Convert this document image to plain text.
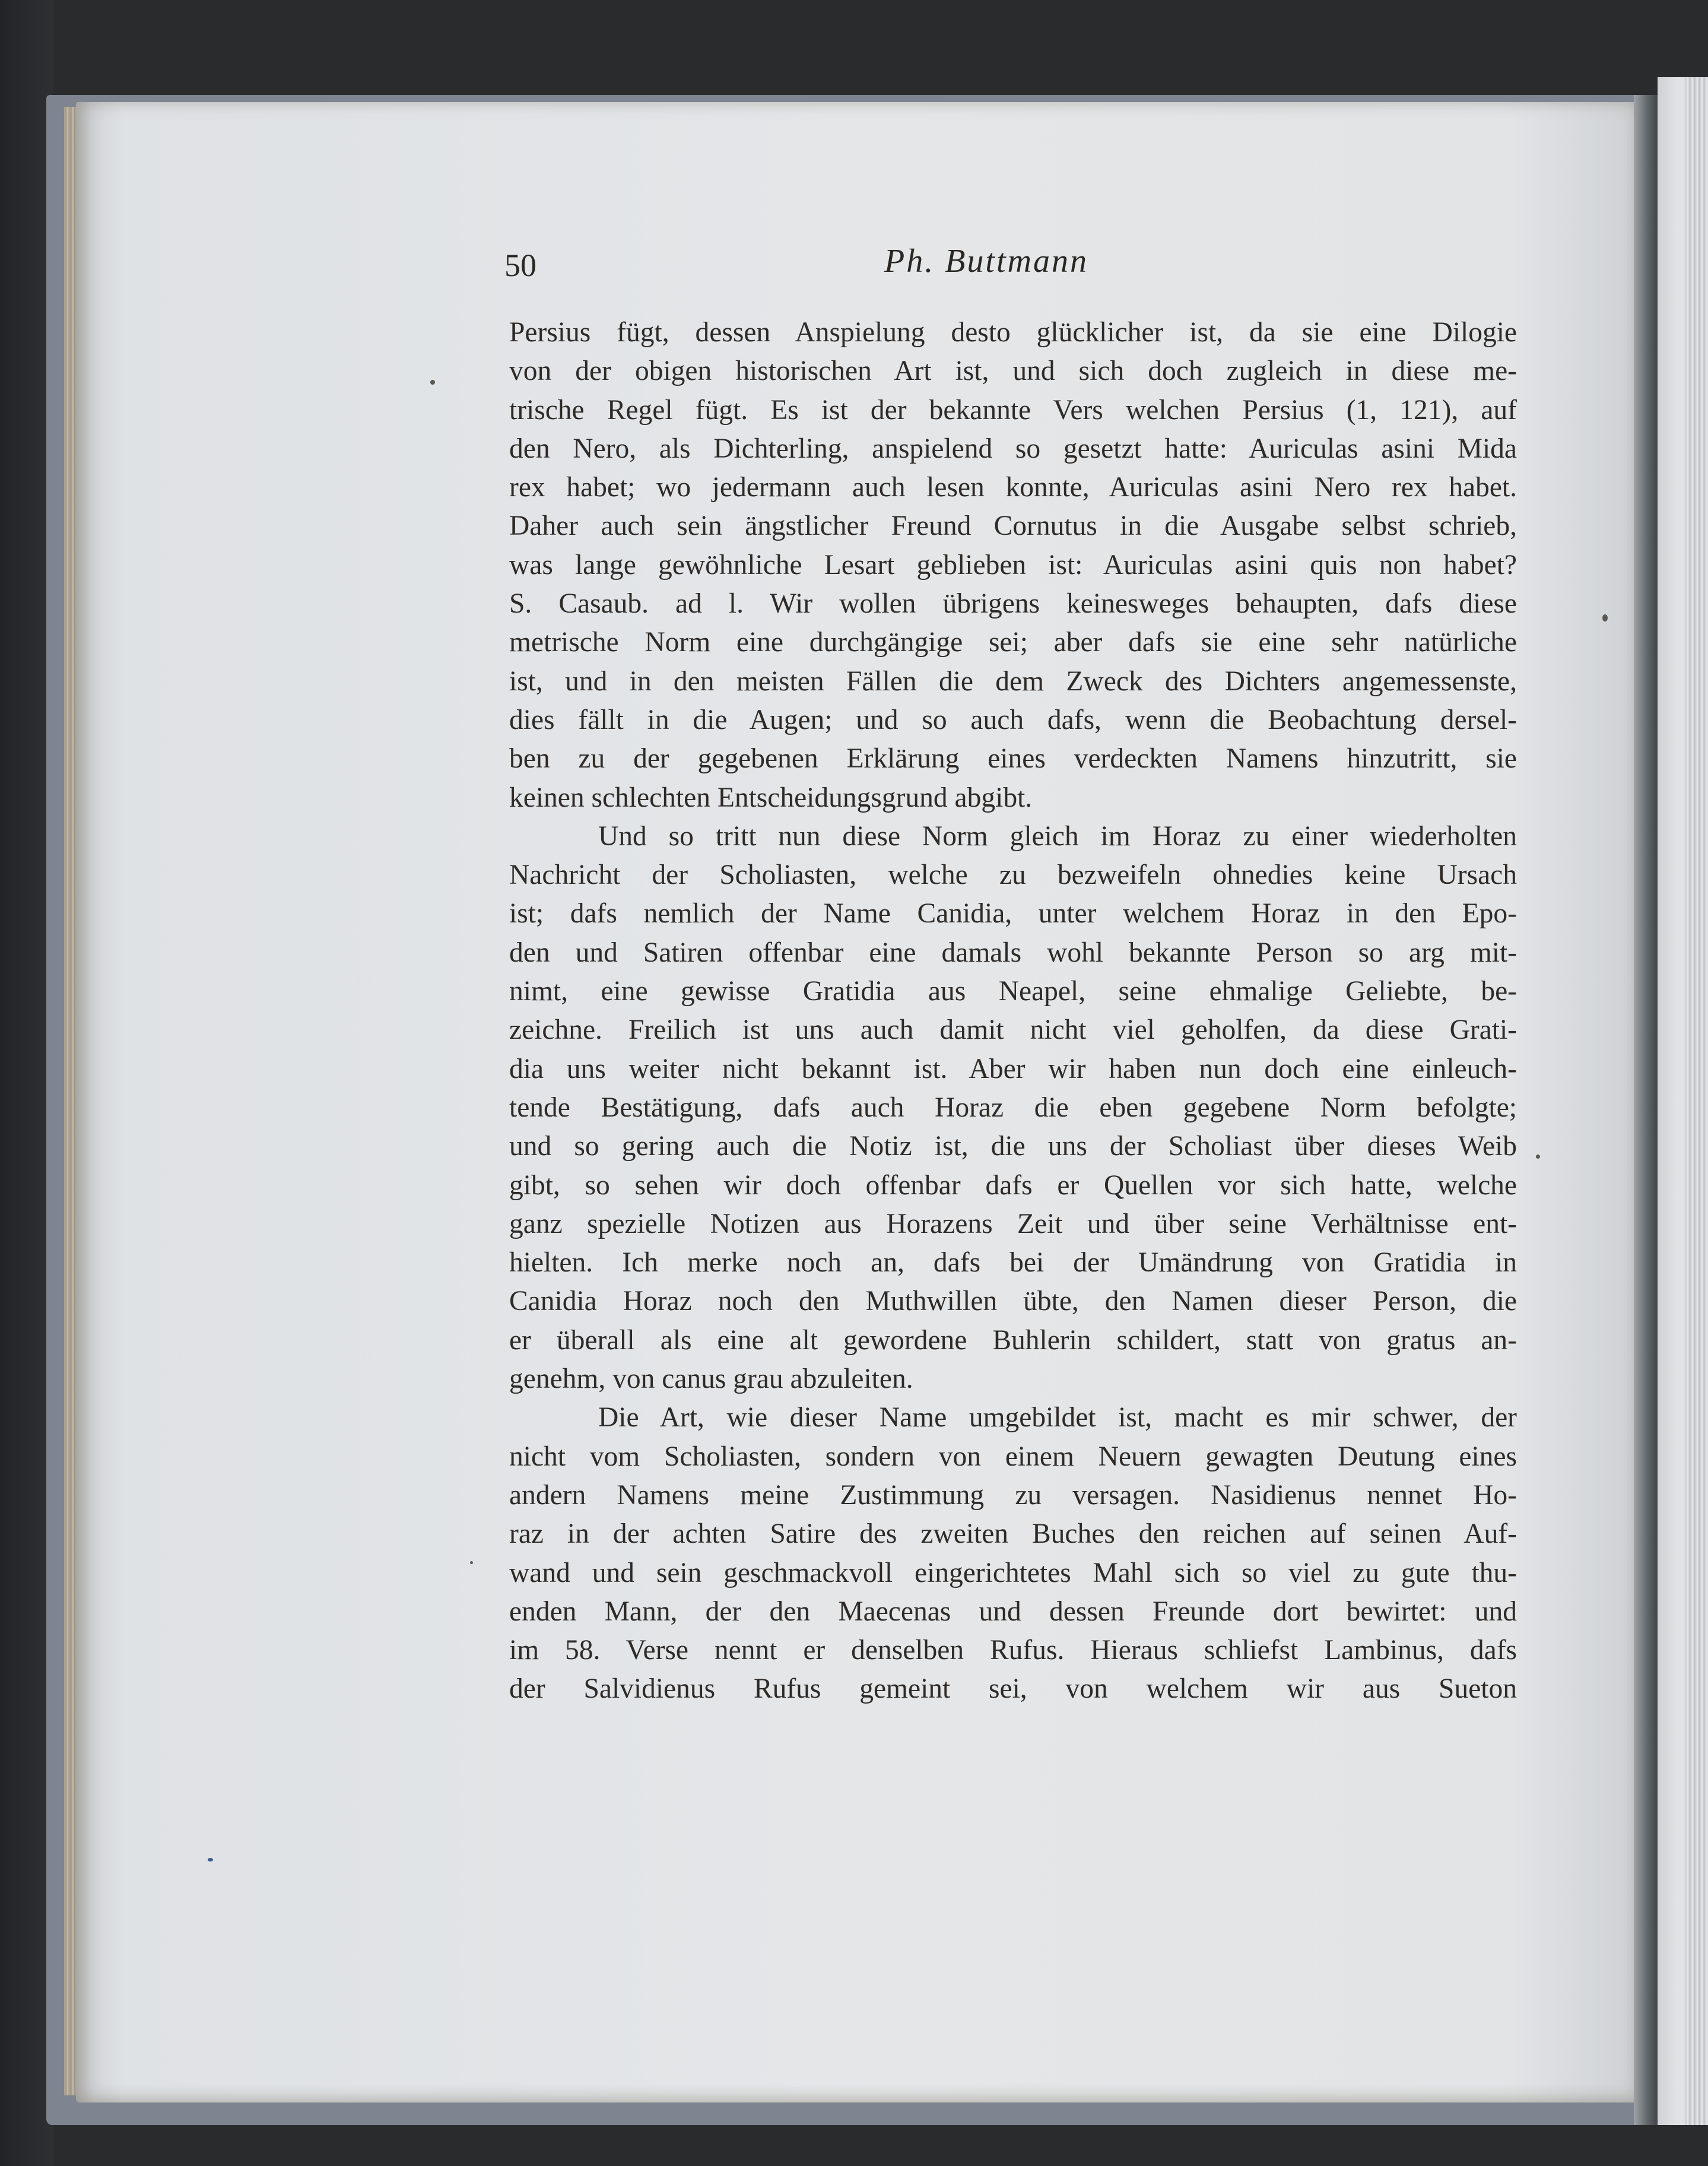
50	Ph. Buttmann
Persius fügt, dessen Anspielung desto glücklicher ist, da sie eine Dilogie
von der obigen historischen Art ist, und sich doch zugleich in diese me-
trische Regel fügt. Es ist der bekannte Vers welchen Persius (1, 121), auf
den Nero, als Dichterling, anspielend so gesetzt hatte: Auriculas asini Mida
rex habet; wo jedermann auch lesen konnte, Auriculas asini Nero rex habet.
Daher auch sein ängstlicher Freund Cornutus in die Ausgabe selbst schrieb,
was lange gewöhnliche Lesart geblieben ist: Auriculas asini quis non habet?
S. Casaub. ad l. Wir wollen übrigens keinesweges behaupten, dafs diese
metrische Norm eine durchgängige sei; aber dafs sie eine sehr natürliche
ist, und in den meisten Fällen die dem Zweck des Dichters angemessenste,
dies fällt in die Augen; und so auch dafs, wenn die Beobachtung dersel-
ben zu der gegebenen Erklärung eines verdeckten Namens hinzutritt, sie
keinen schlechten Entscheidungsgrund abgibt.
Und so tritt nun diese Norm gleich im Horaz zu einer wiederholten
Nachricht der Scholiasten, welche zu bezweifeln ohnedies keine Ursach
ist; dafs nemlich der Name Canidia, unter welchem Horaz in den Epo-
den und Satiren offenbar eine damals wohl bekannte Person so arg mit-
nimt, eine gewisse Gratidia aus Neapel, seine ehmalige Geliebte, be-
zeichne. Freilich ist uns auch damit nicht viel geholfen, da diese Grati-
dia uns weiter nicht bekannt ist. Aber wir haben nun doch eine einleuch-
tende Bestätigung, dafs auch Horaz die eben gegebene Norm befolgte;
und so gering auch die Notiz ist, die uns der Scholiast über dieses Weib
gibt, so sehen wir doch offenbar dafs er Quellen vor sich hatte, welche
ganz spezielle Notizen aus Horazens Zeit und über seine Verhältnisse ent-
hielten. Ich merke noch an, dafs bei der Umändrung von Gratidia in
Canidia Horaz noch den Muthwillen übte, den Namen dieser Person, die
er überall als eine alt gewordene Buhlerin schildert, statt von gratus an-
genehm, von canus grau abzuleiten.
Die Art, wie dieser Name umgebildet ist, macht es mir schwer, der
nicht vom Scholiasten, sondern von einem Neuern gewagten Deutung eines
andern Namens meine Zustimmung zu versagen. Nasidienus nennet Ho-
raz in der achten Satire des zweiten Buches den reichen auf seinen Auf-
wand und sein geschmackvoll eingerichtetes Mahl sich so viel zu gute thu-
enden Mann, der den Maecenas und dessen Freunde dort bewirtet: und
im 58. Verse nennt er denselben Rufus. Hieraus schliefst Lambinus, dafs
der Salvidienus Rufus gemeint sei, von welchem wir aus Sueton
